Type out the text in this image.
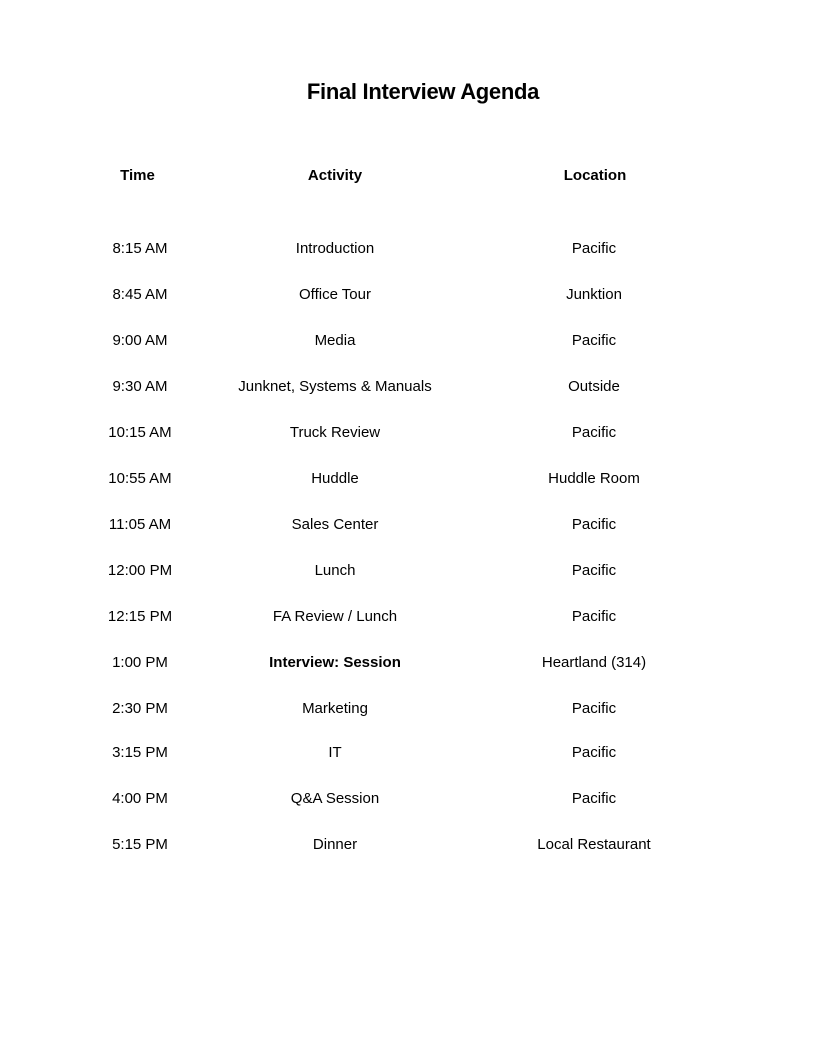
Final Interview Agenda
Time	Activity	Location
8:15 AM	Introduction	Pacific
8:45 AM	Office Tour	Junktion
9:00 AM	Media	Pacific
9:30 AM	Junknet, Systems & Manuals	Outside
10:15 AM	Truck Review	Pacific
10:55 AM	Huddle	Huddle Room
11:05 AM	Sales Center	Pacific
12:00 PM	Lunch	Pacific
12:15 PM	FA Review / Lunch	Pacific
1:00 PM	Interview: Session	Heartland (314)
2:30 PM	Marketing	Pacific
3:15 PM	IT	Pacific
4:00 PM	Q&A Session	Pacific
5:15 PM	Dinner	Local Restaurant
